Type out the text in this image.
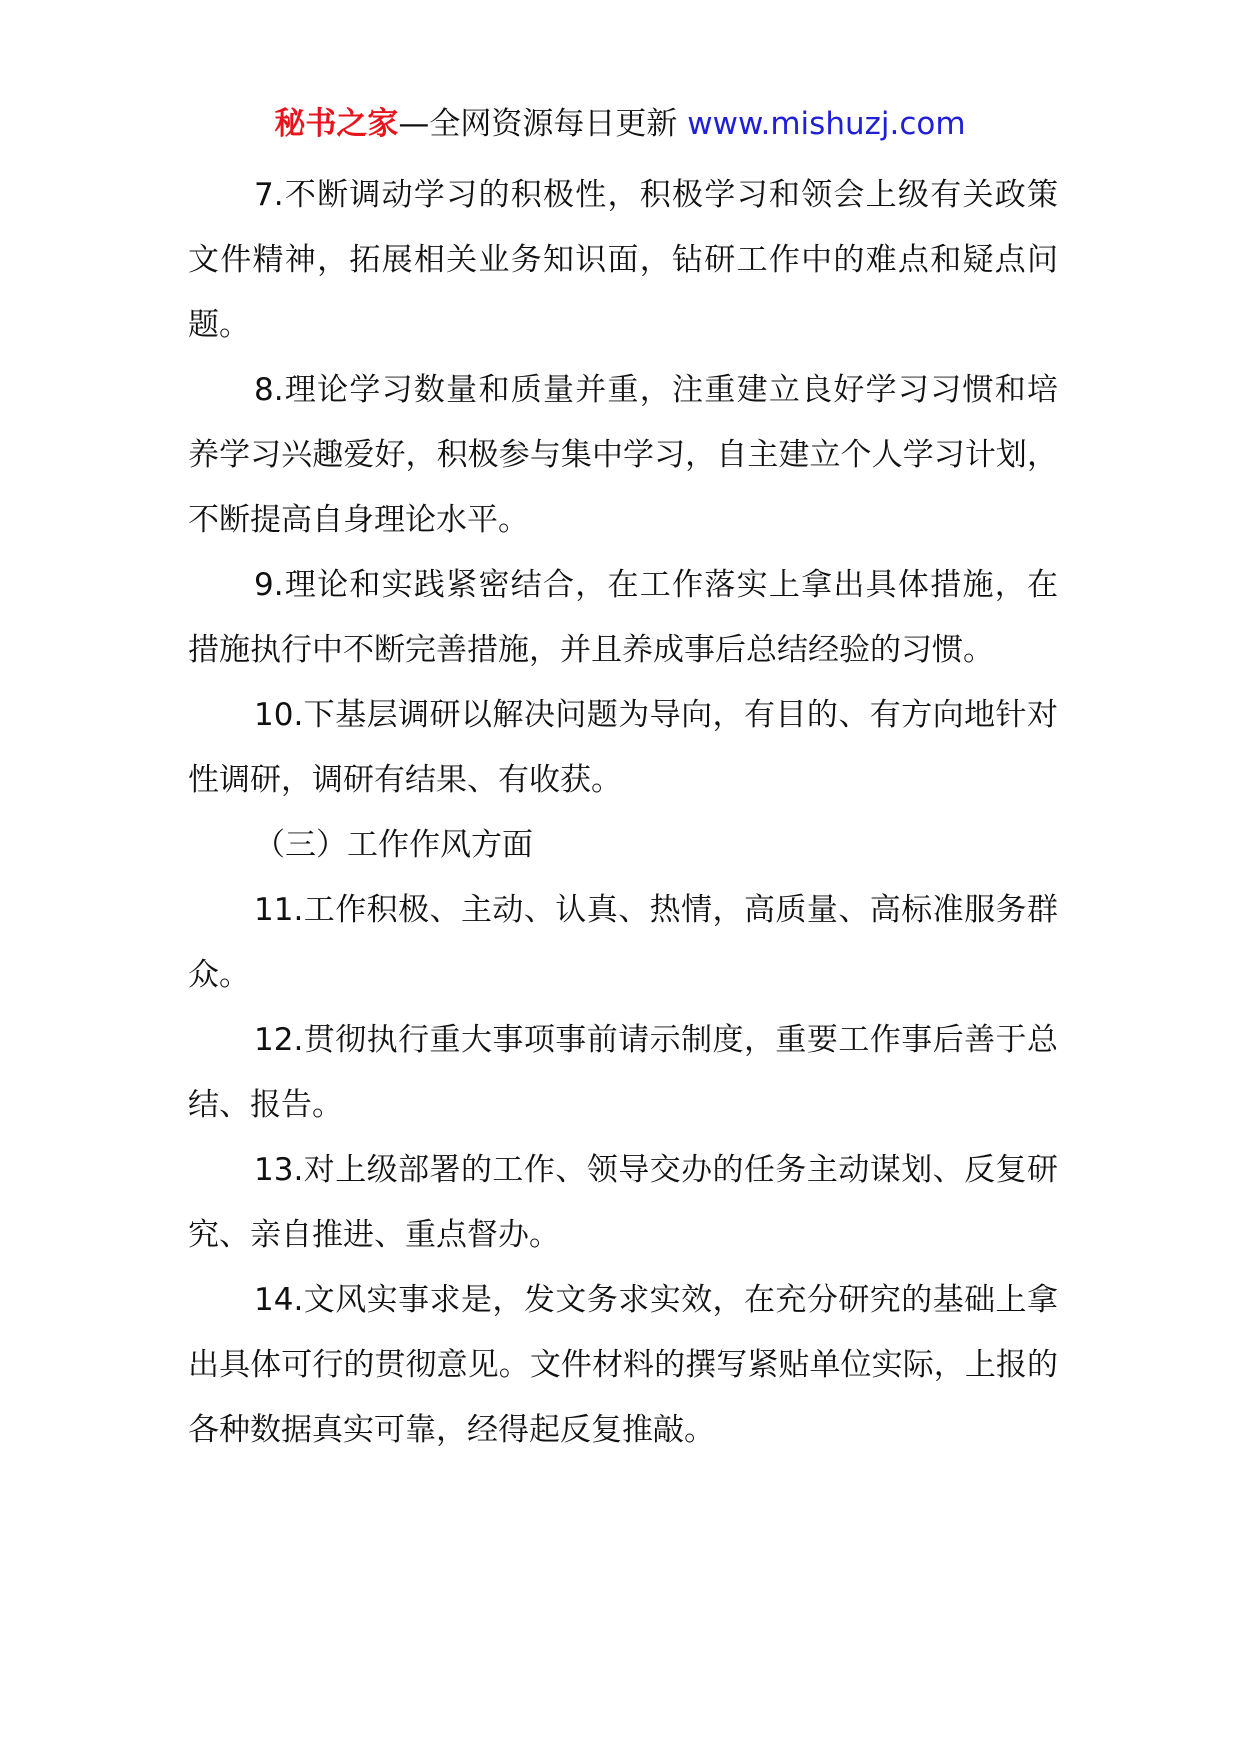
秘书之家—全网资源每日更新 www.mishuzj.com

7.不断调动学习的积极性，积极学习和领会上级有关政策文件精神，拓展相关业务知识面，钻研工作中的难点和疑点问题。

8.理论学习数量和质量并重，注重建立良好学习习惯和培养学习兴趣爱好，积极参与集中学习，自主建立个人学习计划，不断提高自身理论水平。

9.理论和实践紧密结合，在工作落实上拿出具体措施，在措施执行中不断完善措施，并且养成事后总结经验的习惯。

10.下基层调研以解决问题为导向，有目的、有方向地针对性调研，调研有结果、有收获。

（三）工作作风方面

11.工作积极、主动、认真、热情，高质量、高标准服务群众。

12.贯彻执行重大事项事前请示制度，重要工作事后善于总结、报告。

13.对上级部署的工作、领导交办的任务主动谋划、反复研究、亲自推进、重点督办。

14.文风实事求是，发文务求实效，在充分研究的基础上拿出具体可行的贯彻意见。文件材料的撰写紧贴单位实际，上报的各种数据真实可靠，经得起反复推敲。
